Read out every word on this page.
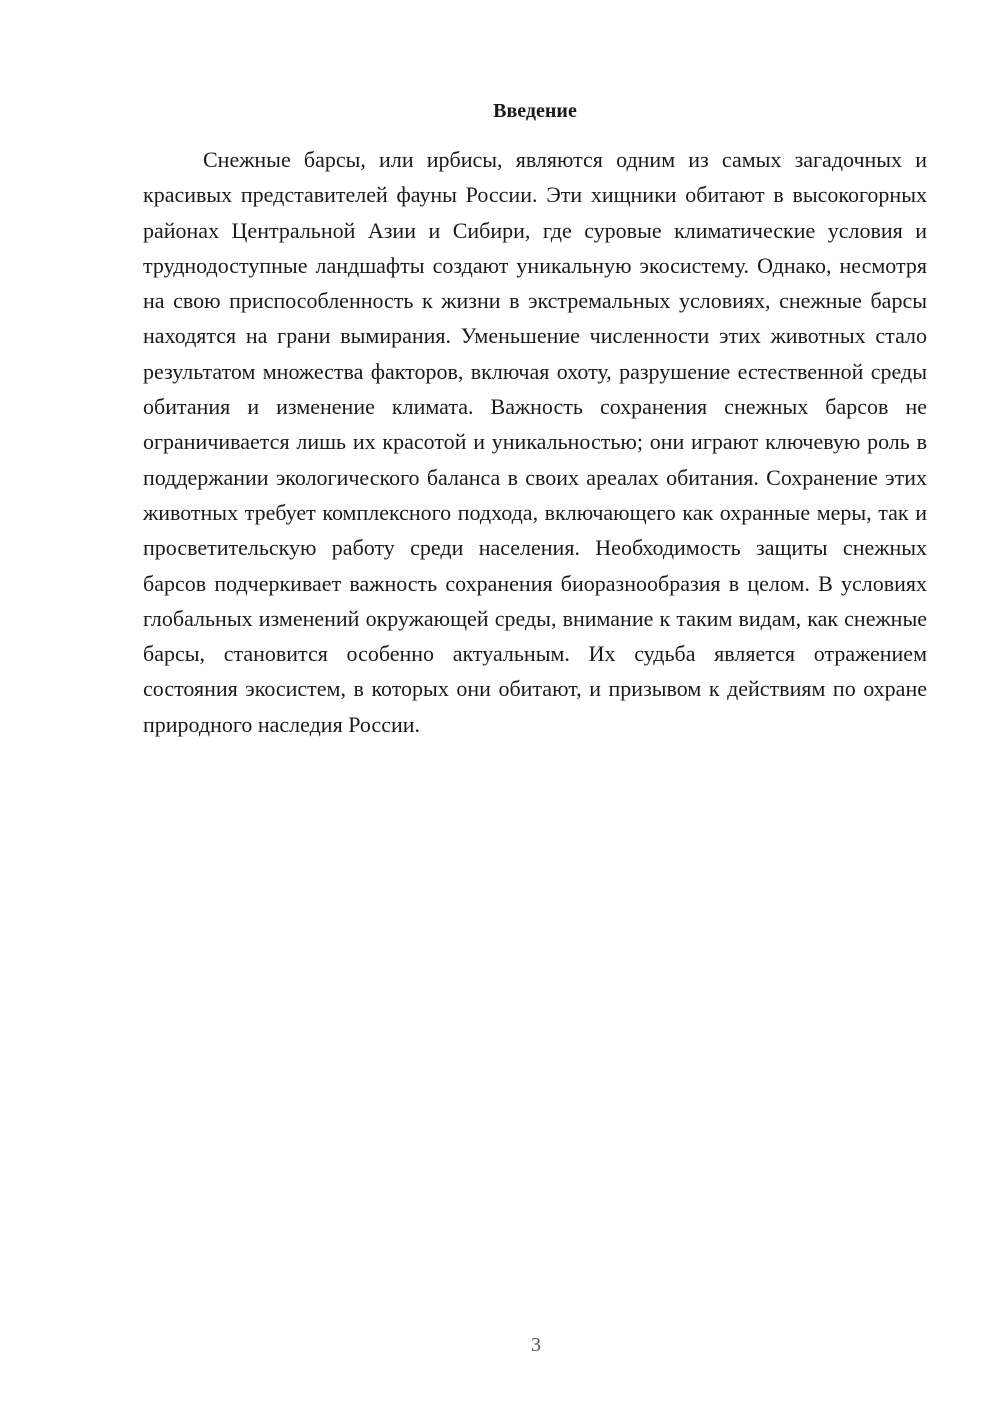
Введение

Снежные барсы, или ирбисы, являются одним из самых загадочных и красивых представителей фауны России. Эти хищники обитают в высокогорных районах Центральной Азии и Сибири, где суровые климатические условия и труднодоступные ландшафты создают уникальную экосистему. Однако, несмотря на свою приспособленность к жизни в экстремальных условиях, снежные барсы находятся на грани вымирания. Уменьшение численности этих животных стало результатом множества факторов, включая охоту, разрушение естественной среды обитания и изменение климата. Важность сохранения снежных барсов не ограничивается лишь их красотой и уникальностью; они играют ключевую роль в поддержании экологического баланса в своих ареалах обитания. Сохранение этих животных требует комплексного подхода, включающего как охранные меры, так и просветительскую работу среди населения. Необходимость защиты снежных барсов подчеркивает важность сохранения биоразнообразия в целом. В условиях глобальных изменений окружающей среды, внимание к таким видам, как снежные барсы, становится особенно актуальным. Их судьба является отражением состояния экосистем, в которых они обитают, и призывом к действиям по охране природного наследия России.

3
